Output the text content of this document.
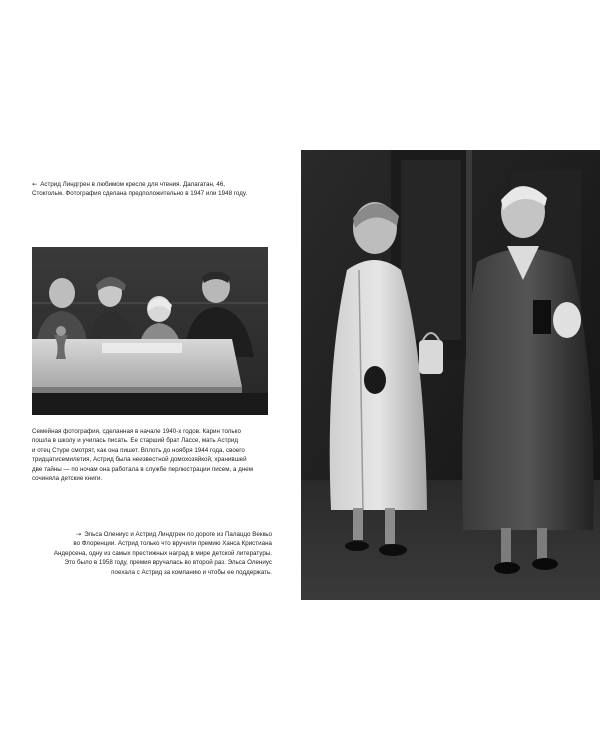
← Астрид Линдгрен в любимом кресле для чтения. Далагатан, 46,

Стокгольм. Фотография сделана предположительно в 1947 или 1948 году.

Семейная фотография, сделанная в начале 1940-х годов. Карин только

пошла в школу и училась писать. Ее старший брат Лассе, мать Астрид

и отец Стуре смотрят, как она пишет. Вплоть до ноября 1944 года, своего

тридцатисемилетия, Астрид была неизвестной домохозяйкой, хранившей

две тайны — по ночам она работала в службе перлюстрации писем, а днем

сочиняла детские книги.

→ Эльса Олениус и Астрид Линдгрен по дороге из Палаццо Веккьо

во Флоренции. Астрид только что вручили премию Ханса Кристиана

Андерсена, одну из самых престижных наград в мире детской литературы.

Это было в 1958 году, премия вручалась во второй раз. Эльса Олениус

поехала с Астрид за компанию и чтобы ее поддержать.
